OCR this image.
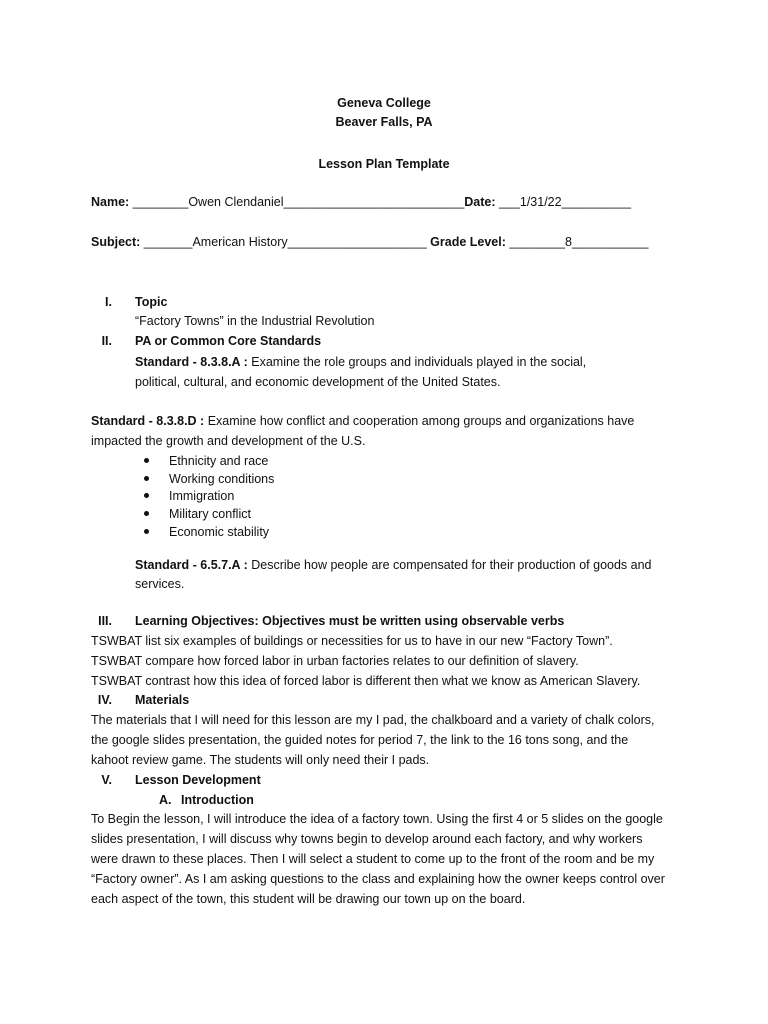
Geneva College
Beaver Falls, PA
Lesson Plan Template
Name: ________Owen Clendaniel__________________________Date: ___1/31/22__________
Subject: _______American History____________________ Grade Level: ________8___________
I. Topic
“Factory Towns” in the Industrial Revolution
II. PA or Common Core Standards
Standard - 8.3.8.A : Examine the role groups and individuals played in the social,
political, cultural, and economic development of the United States.
Standard - 8.3.8.D : Examine how conflict and cooperation among groups and organizations have
impacted the growth and development of the U.S.
Ethnicity and race
Working conditions
Immigration
Military conflict
Economic stability
Standard - 6.5.7.A : Describe how people are compensated for their production of goods and
services.
III. Learning Objectives: Objectives must be written using observable verbs
TSWBAT list six examples of buildings or necessities for us to have in our new “Factory Town”.
TSWBAT compare how forced labor in urban factories relates to our definition of slavery.
TSWBAT contrast how this idea of forced labor is different then what we know as American Slavery.
IV. Materials
The materials that I will need for this lesson are my I pad, the chalkboard and a variety of chalk colors,
the google slides presentation, the guided notes for period 7, the link to the 16 tons song, and the
kahoot review game. The students will only need their I pads.
V. Lesson Development
A. Introduction
To Begin the lesson, I will introduce the idea of a factory town. Using the first 4 or 5 slides on the google
slides presentation, I will discuss why towns begin to develop around each factory, and why workers
were drawn to these places. Then I will select a student to come up to the front of the room and be my
“Factory owner”. As I am asking questions to the class and explaining how the owner keeps control over
each aspect of the town, this student will be drawing our town up on the board.
